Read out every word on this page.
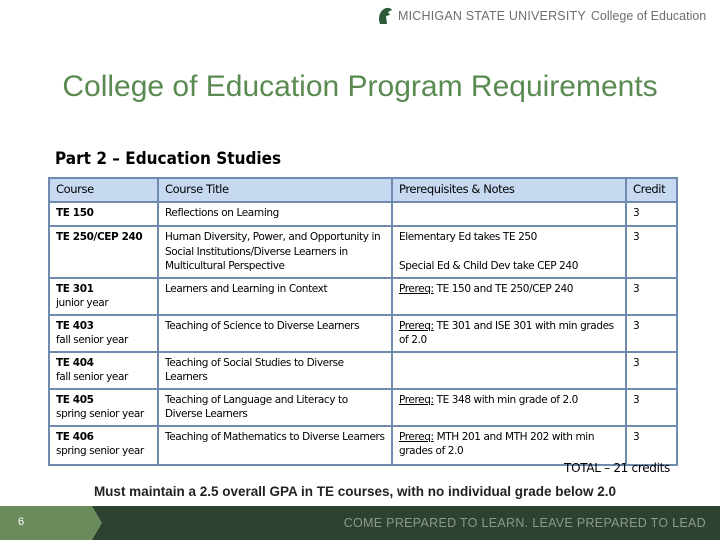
MICHIGAN STATE UNIVERSITY College of Education
College of Education Program Requirements
Part 2 – Education Studies
Course	Course Title	Prerequisites & Notes	Credit

TE 150	Reflections on Learning		3

TE 250/CEP 240	Human Diversity, Power, and Opportunity in Social Institutions/Diverse Learners in Multicultural Perspective	Elementary Ed takes TE 250
Special Ed & Child Dev take CEP 240	3

TE 301
junior year	Learners and Learning in Context	Prereq: TE 150 and TE 250/CEP 240	3

TE 403
fall senior year	Teaching of Science to Diverse Learners	Prereq: TE 301 and ISE 301 with min grades of 2.0	3

TE 404
fall senior year	Teaching of Social Studies to Diverse Learners		3

TE 405
spring senior year	Teaching of Language and Literacy to Diverse Learners	Prereq: TE 348 with min grade of 2.0	3

TE 406
spring senior year	Teaching of Mathematics to Diverse Learners	Prereq: MTH 201 and MTH 202 with min grades of 2.0	3
TOTAL – 21 credits
Must maintain a 2.5 overall GPA in TE courses, with no individual grade below 2.0
6	COME PREPARED TO LEARN. LEAVE PREPARED TO LEAD
